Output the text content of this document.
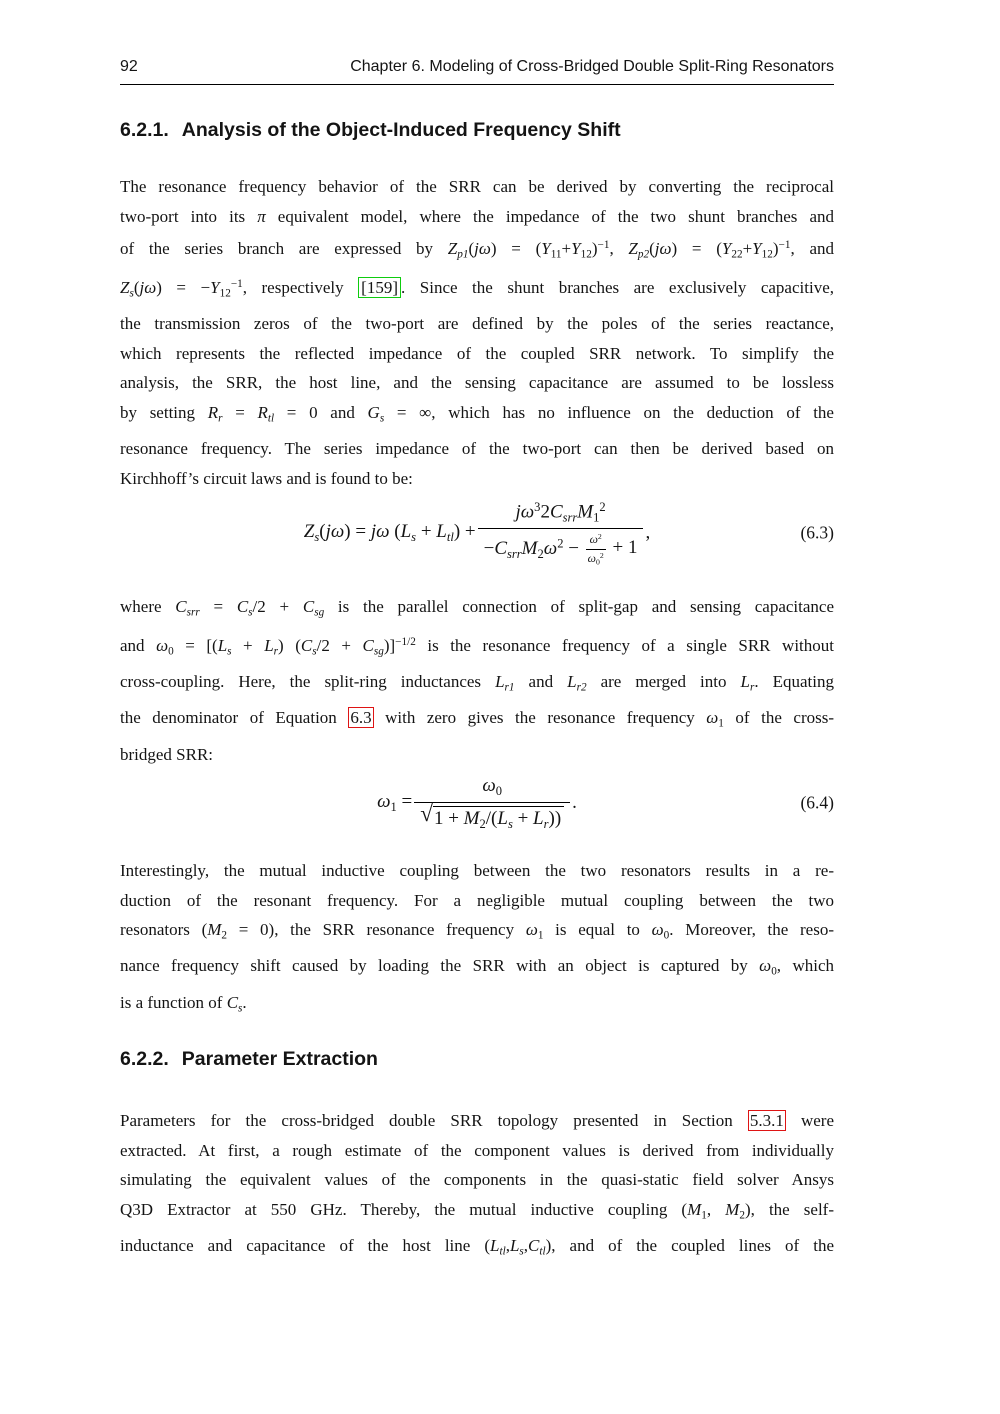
92	Chapter 6. Modeling of Cross-Bridged Double Split-Ring Resonators
6.2.1. Analysis of the Object-Induced Frequency Shift
The resonance frequency behavior of the SRR can be derived by converting the reciprocal
two-port into its π equivalent model, where the impedance of the two shunt branches and
of the series branch are expressed by $Z_{p1}(j\omega) = (Y_{11}+Y_{12})^{-1}$, $Z_{p2}(j\omega) = (Y_{22}+Y_{12})^{-1}$, and
$Z_s(j\omega) = -Y_{12}^{-1}$, respectively [159] . Since the shunt branches are exclusively capacitive,
the transmission zeros of the two-port are defined by the poles of the series reactance,
which represents the reflected impedance of the coupled SRR network. To simplify the
analysis, the SRR, the host line, and the sensing capacitance are assumed to be lossless
by setting $R_r = R_{tl} = 0$ and $G_s$ = ∞, which has no influence on the deduction of the
resonance frequency. The series impedance of the two-port can then be derived based on
Kirchhoff’s circuit laws and is found to be:
$Z_s(j\omega) = j\omega$ $(L_s + L_{tl}) + \frac{j\omega^32C_{srr}M_1^2}{-C_{srr}M_2\omega^2 - \frac{\omega^2}{\omega_0^2} + 1}$ ,	(6.3)
where $C_{srr} = C_s/2 + C_{sg}$ is the parallel connection of split-gap and sensing capacitance
and $\omega_0 = [(L_s + L_r) (C_s/2 + C_{sg})]^{-1/2}$ is the resonance frequency of a single SRR without
cross-coupling. Here, the split-ring inductances $L_{r1}$ and $L_{r2}$ are merged into $L_r$. Equating
the denominator of Equation 6.3 with zero gives the resonance frequency $\omega_1$ of the cross-
bridged SRR:
$\omega_1 = \frac{\omega_0}{√ 1 + M_2/(L_s + L_r))}$ .	(6.4)
Interestingly, the mutual inductive coupling between the two resonators results in a re-
duction of the resonant frequency. For a negligible mutual coupling between the two
resonators $(M_2 = 0)$, the SRR resonance frequency $\omega_1$ is equal to $\omega_0$. Moreover, the reso-
nance frequency shift caused by loading the SRR with an object is captured by $\omega_0$, which
is a function of $C_s$.
6.2.2. Parameter Extraction
Parameters for the cross-bridged double SRR topology presented in Section 5.3.1 were
extracted. At first, a rough estimate of the component values is derived from individually
simulating the equivalent values of the components in the quasi-static field solver Ansys
Q3D Extractor at 550 GHz. Thereby, the mutual inductive coupling ($M_1$, $M_2$), the self-
inductance and capacitance of the host line $(L_{tl},L_s,C_{tl})$, and of the coupled lines of the
